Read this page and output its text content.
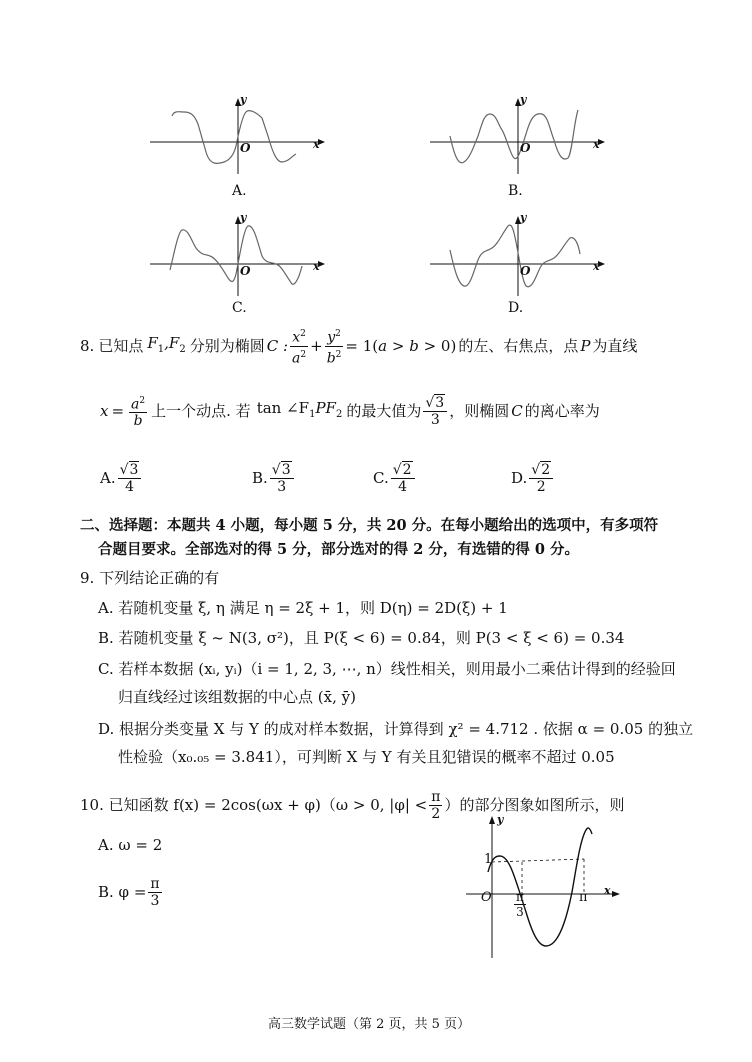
y
x
O
A.
y
x
O
B.
y
x
O
C.
y
x
O
D.
8. 已知点 $F_1,F_2$ 分别为椭圆 C : $\frac{x^2}{a^2} + \frac{y^2}{b^2} = 1(a > b > 0)$ 的左、右焦点，点 P 为直线
$x = \frac{a^2}{b}$ 上一个动点. 若 $\tan \angle F_1PF_2$ 的最大值为 $\frac{√3}{3}$ ，则椭圆 C 的离心率为
A. $\frac{√3}{4}$	B. $\frac{√3}{3}$	C. $\frac{√2}{4}$	D. $\frac{√2}{2}$
二、选择题：本题共 4 小题，每小题 5 分，共 20 分。在每小题给出的选项中，有多项符
合题目要求。全部选对的得 5 分，部分选对的得 2 分，有选错的得 0 分。
9. 下列结论正确的有
A. 若随机变量 ξ, η 满足 η = 2ξ + 1，则 D(η) = 2D(ξ) + 1
B. 若随机变量 ξ ~ N(3, σ²)，且 P(ξ < 6) = 0.84，则 P(3 < ξ < 6) = 0.34
C. 若样本数据 (xᵢ, yᵢ)（i = 1, 2, 3, ⋯, n）线性相关，则用最小二乘估计得到的经验回
归直线经过该组数据的中心点 (x̄, ȳ)
D. 根据分类变量 X 与 Y 的成对样本数据，计算得到 χ² = 4.712 . 依据 α = 0.05 的独立
性检验（x₀.₀₅ = 3.841），可判断 X 与 Y 有关且犯错误的概率不超过 0.05
10. 已知函数 f(x) = 2cos(ωx + φ)（ω > 0, $|\varphi| < \frac{\pi}{2}$ ）的部分图象如图所示，则
A. ω = 2
B. $\varphi = \frac{\pi}{3}$
y
x
O
1
π
$\frac{\pi}{3}$
高三数学试题（第 2 页，共 5 页）
